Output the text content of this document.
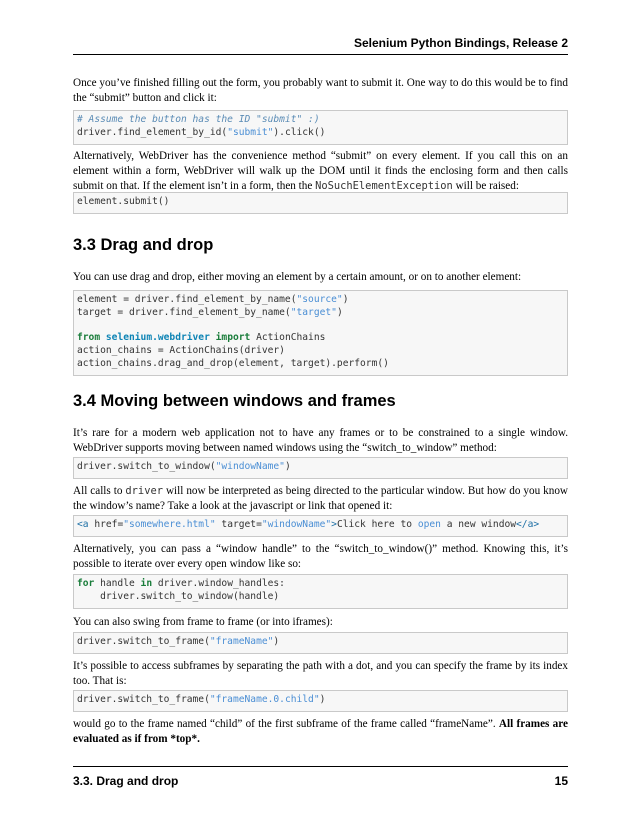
Selenium Python Bindings, Release 2

Once you’ve finished filling out the form, you probably want to submit it. One way to do this would be to find the “submit” button and click it:

# Assume the button has the ID "submit" :)
driver.find_element_by_id("submit").click()

Alternatively, WebDriver has the convenience method “submit” on every element. If you call this on an element within a form, WebDriver will walk up the DOM until it finds the enclosing form and then calls submit on that. If the element isn’t in a form, then the NoSuchElementException will be raised:

element.submit()
3.3 Drag and drop

You can use drag and drop, either moving an element by a certain amount, or on to another element:

element = driver.find_element_by_name("source")
target = driver.find_element_by_name("target")

from selenium.webdriver import ActionChains
action_chains = ActionChains(driver)
action_chains.drag_and_drop(element, target).perform()
3.4 Moving between windows and frames

It’s rare for a modern web application not to have any frames or to be constrained to a single window. WebDriver supports moving between named windows using the “switch_to_window” method:

driver.switch_to_window("windowName")

All calls to driver will now be interpreted as being directed to the particular window. But how do you know the window’s name? Take a look at the javascript or link that opened it:

<a href="somewhere.html" target="windowName">Click here to open a new window</a>

Alternatively, you can pass a “window handle” to the “switch_to_window()” method. Knowing this, it’s possible to iterate over every open window like so:

for handle in driver.window_handles:
driver.switch_to_window(handle)

You can also swing from frame to frame (or into iframes):

driver.switch_to_frame("frameName")

It’s possible to access subframes by separating the path with a dot, and you can specify the frame by its index too. That is:

driver.switch_to_frame("frameName.0.child")

would go to the frame named “child” of the first subframe of the frame called “frameName”. All frames are evaluated as if from *top*.

3.3. Drag and drop	15
